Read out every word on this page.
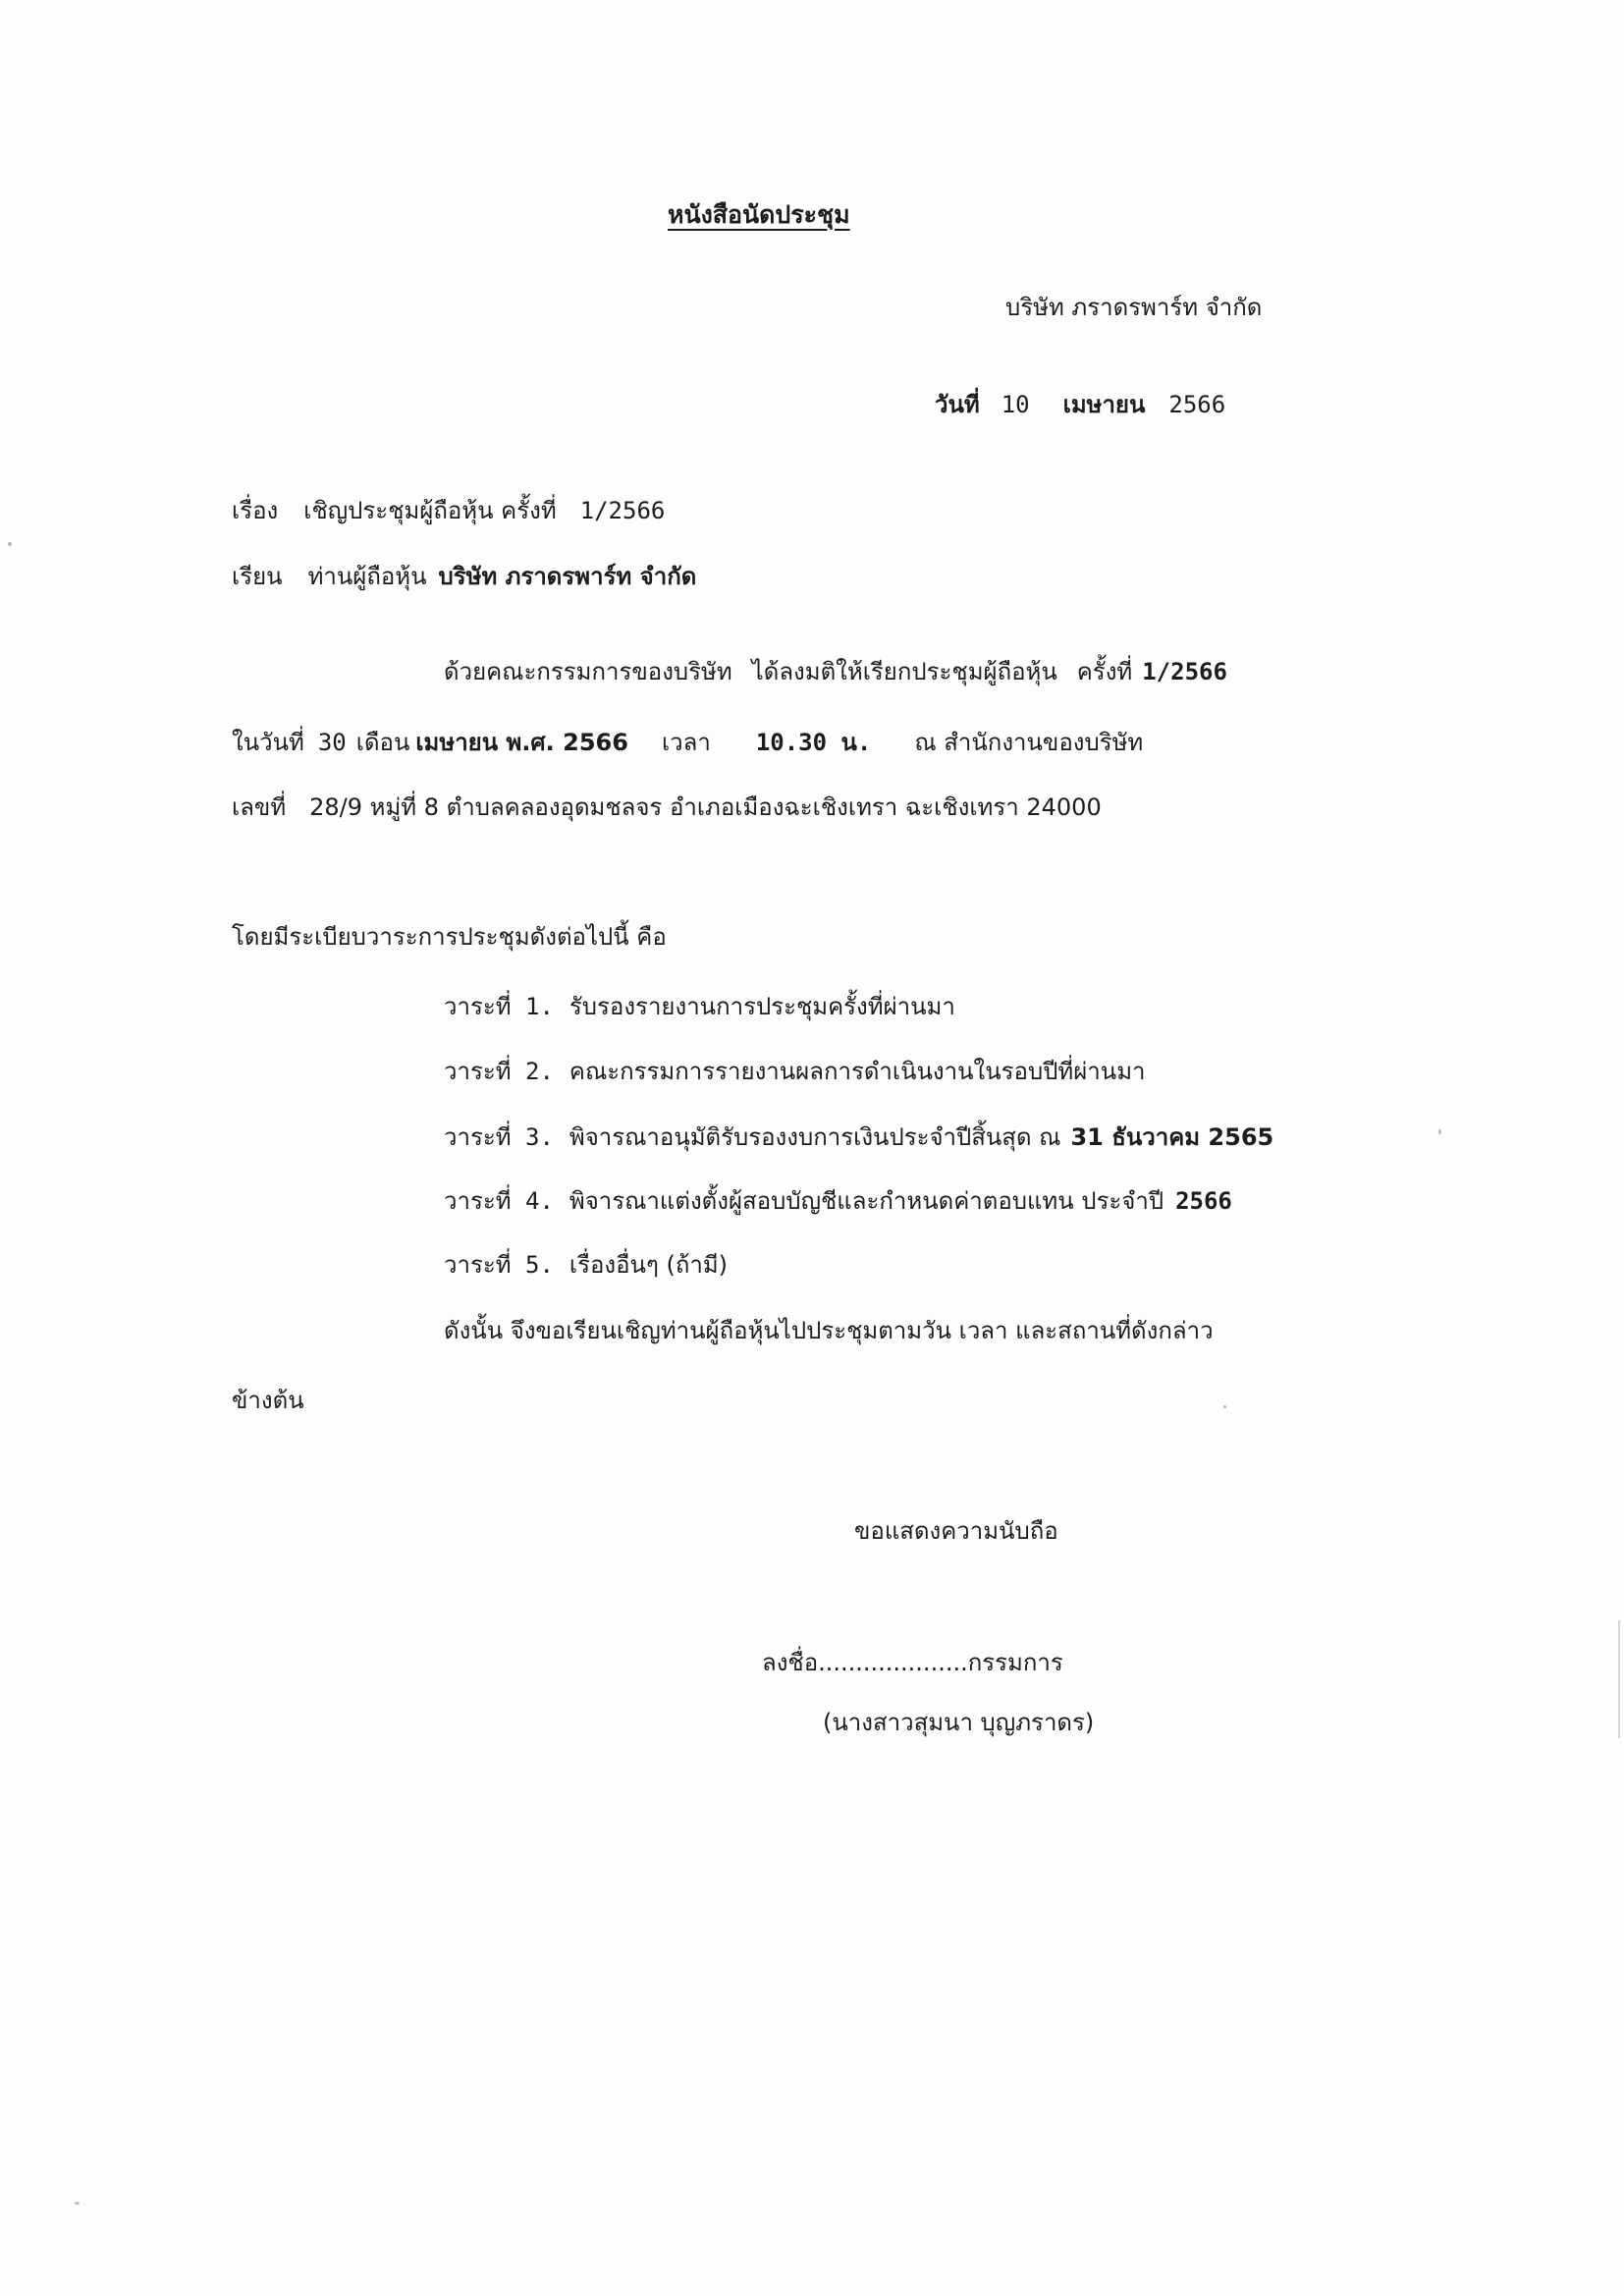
หนังสือนัดประชุม
บริษัท ภราดรพาร์ท จำกัด
วันที่ 10 เมษายน 2566
เรื่อง เชิญประชุมผู้ถือหุ้น ครั้งที่ 1/2566
เรียน ท่านผู้ถือหุ้น บริษัท ภราดรพาร์ท จำกัด
ด้วยคณะกรรมการของบริษัท ได้ลงมติให้เรียกประชุมผู้ถือหุ้น ครั้งที่ 1/2566
ในวันที่ 30 เดือน เมษายน พ.ศ. 2566 เวลา 10.30 น. ณ สำนักงานของบริษัท
เลขที่ 28/9 หมู่ที่ 8 ตำบลคลองอุดมชลจร อำเภอเมืองฉะเชิงเทรา ฉะเชิงเทรา 24000
โดยมีระเบียบวาระการประชุมดังต่อไปนี้ คือ
วาระที่ 1. รับรองรายงานการประชุมครั้งที่ผ่านมา
วาระที่ 2. คณะกรรมการรายงานผลการดำเนินงานในรอบปีที่ผ่านมา
วาระที่ 3. พิจารณาอนุมัติรับรองงบการเงินประจำปีสิ้นสุด ณ 31 ธันวาคม 2565
วาระที่ 4. พิจารณาแต่งตั้งผู้สอบบัญชีและกำหนดค่าตอบแทน ประจำปี 2566
วาระที่ 5. เรื่องอื่นๆ (ถ้ามี)
ดังนั้น จึงขอเรียนเชิญท่านผู้ถือหุ้นไปประชุมตามวัน เวลา และสถานที่ดังกล่าว
ข้างต้น
ขอแสดงความนับถือ
ลงชื่อ....................กรรมการ
(นางสาวสุมนา บุญภราดร)
